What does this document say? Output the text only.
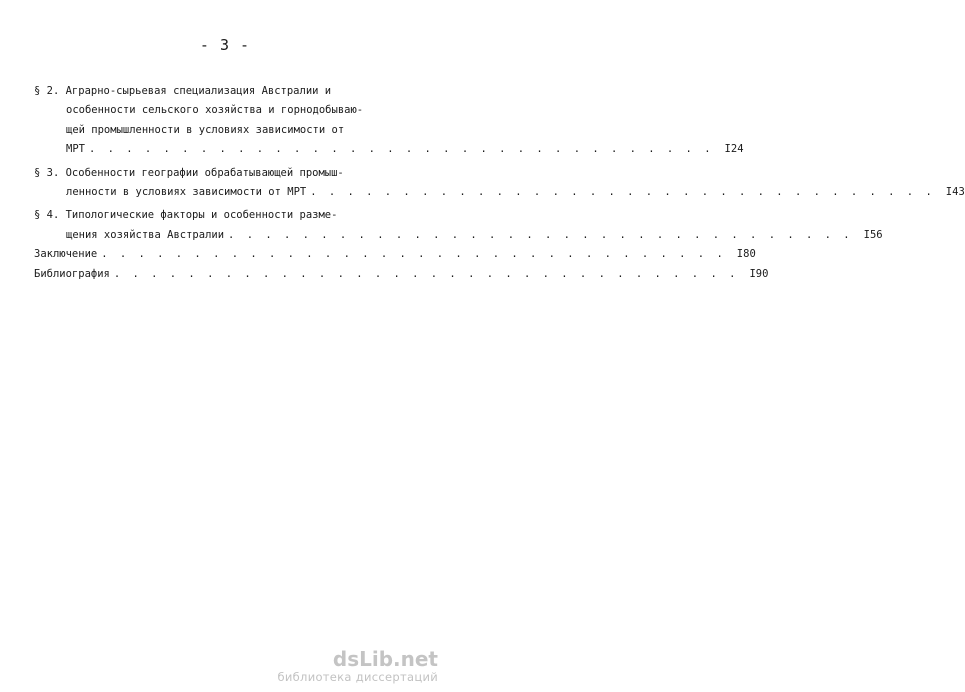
- 3 -
§ 2. Аграрно-сырьевая специализация Австралии и
особенности сельского хозяйства и горнодобываю-
щей промышленности в условиях зависимости от
МРТ . . . . . . . . . . . . . . . . . . . . . . . . . . . . . . . . . .	I24
§ 3. Особенности географии обрабатывающей промыш-
ленности в условиях зависимости от МРТ . . . . . . . . . . . . . . . . . . . . . . . . . . . . . . . . . .	I43
§ 4. Типологические факторы и особенности разме-
щения хозяйства Австралии . . . . . . . . . . . . . . . . . . . . . . . . . . . . . . . . . .	I56
Заключение . . . . . . . . . . . . . . . . . . . . . . . . . . . . . . . . . .	I80
Библиография . . . . . . . . . . . . . . . . . . . . . . . . . . . . . . . . . .	I90
dsLib.net
библиотека диссертаций
